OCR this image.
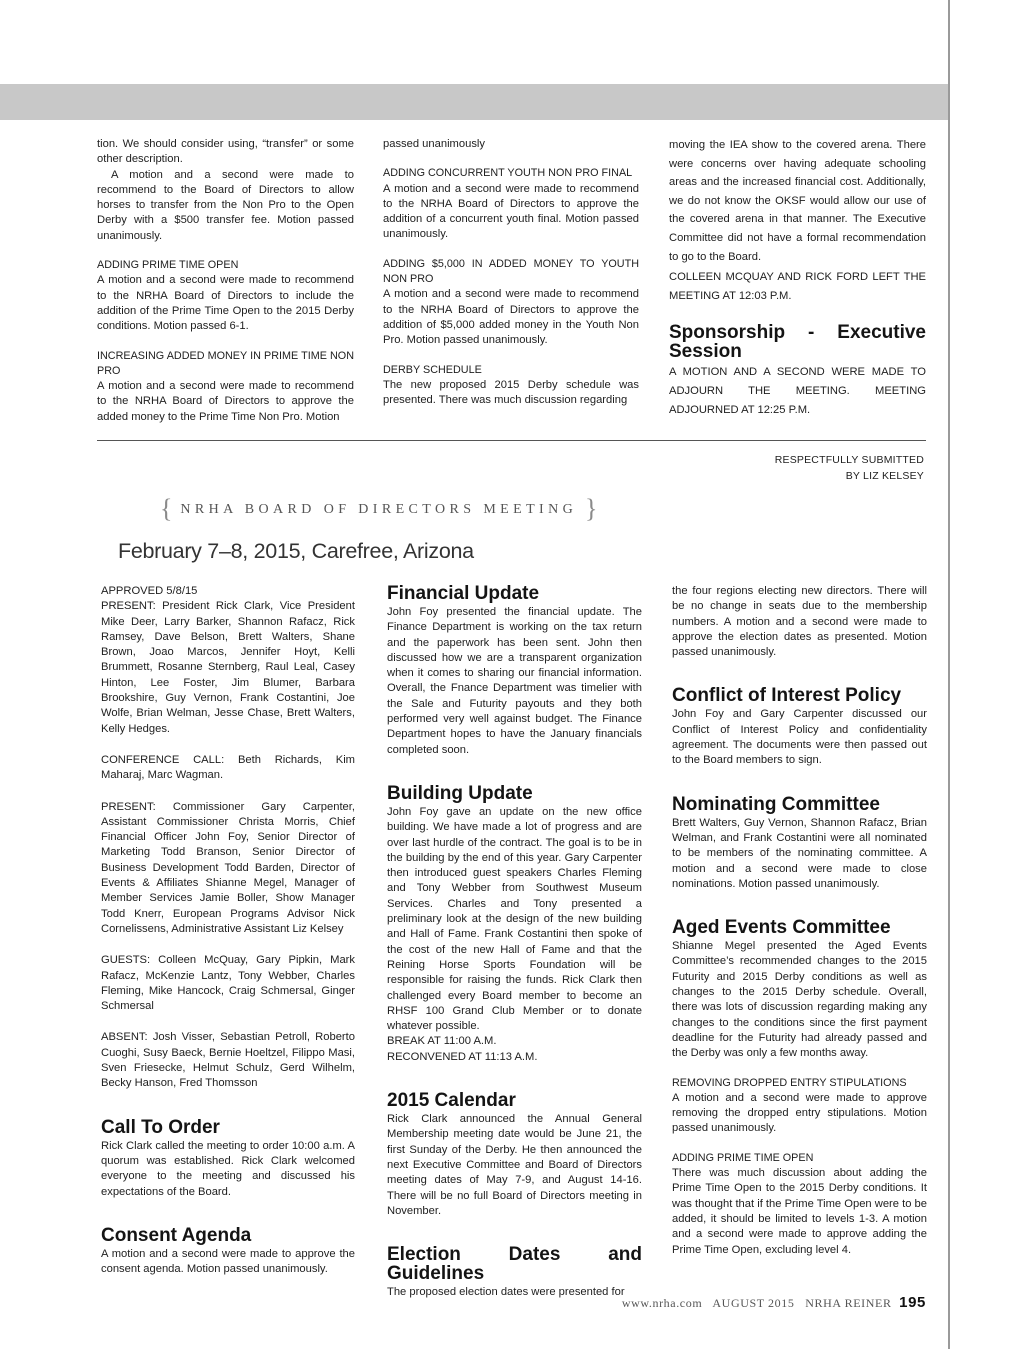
tion. We should consider using, “transfer” or some other description.

A motion and a second were made to recommend to the Board of Directors to allow horses to transfer from the Non Pro to the Open Derby with a $500 transfer fee. Motion passed unanimously.

ADDING PRIME TIME OPEN

A motion and a second were made to recommend to the NRHA Board of Directors to include the addition of the Prime Time Open to the 2015 Derby conditions. Motion passed 6-1.

INCREASING ADDED MONEY IN PRIME TIME NON PRO

A motion and a second were made to recommend to the NRHA Board of Directors to approve the added money to the Prime Time Non Pro. Motion

passed unanimously

ADDING CONCURRENT YOUTH NON PRO FINAL

A motion and a second were made to recommend to the NRHA Board of Directors to approve the addition of a concurrent youth final. Motion passed unanimously.

ADDING $5,000 IN ADDED MONEY TO YOUTH NON PRO

A motion and a second were made to recommend to the NRHA Board of Directors to approve the addition of $5,000 added money in the Youth Non Pro. Motion passed unanimously.

DERBY SCHEDULE

The new proposed 2015 Derby schedule was presented. There was much discussion regarding

moving the IEA show to the covered arena. There were concerns over having adequate schooling areas and the increased financial cost. Additionally, we do not know the OKSF would allow our use of the covered arena in that manner. The Executive Committee did not have a formal recommendation to go to the Board.

COLLEEN MCQUAY AND RICK FORD LEFT THE MEETING AT 12:03 P.M.

Sponsorship - Executive Session

A MOTION AND A SECOND WERE MADE TO ADJOURN THE MEETING. MEETING ADJOURNED AT 12:25 P.M.

RESPECTFULLY SUBMITTED
BY LIZ KELSEY
{ NRHA BOARD OF DIRECTORS MEETING }
February 7–8, 2015, Carefree, Arizona

APPROVED 5/8/15

PRESENT: President Rick Clark, Vice President Mike Deer, Larry Barker, Shannon Rafacz, Rick Ramsey, Dave Belson, Brett Walters, Shane Brown, Joao Marcos, Jennifer Hoyt, Kelli Brummett, Rosanne Sternberg, Raul Leal, Casey Hinton, Lee Foster, Jim Blumer, Barbara Brookshire, Guy Vernon, Frank Costantini, Joe Wolfe, Brian Welman, Jesse Chase, Brett Walters, Kelly Hedges.

CONFERENCE CALL: Beth Richards, Kim Maharaj, Marc Wagman.

PRESENT: Commissioner Gary Carpenter, Assistant Commissioner Christa Morris, Chief Financial Officer John Foy, Senior Director of Marketing Todd Branson, Senior Director of Business Development Todd Barden, Director of Events & Affiliates Shianne Megel, Manager of Member Services Jamie Boller, Show Manager Todd Knerr, European Programs Advisor Nick Cornelissens, Administrative Assistant Liz Kelsey

GUESTS: Colleen McQuay, Gary Pipkin, Mark Rafacz, McKenzie Lantz, Tony Webber, Charles Fleming, Mike Hancock, Craig Schmersal, Ginger Schmersal

ABSENT: Josh Visser, Sebastian Petroll, Roberto Cuoghi, Susy Baeck, Bernie Hoeltzel, Filippo Masi, Sven Friesecke, Helmut Schulz, Gerd Wilhelm, Becky Hanson, Fred Thomsson

Call To Order

Rick Clark called the meeting to order 10:00 a.m. A quorum was established. Rick Clark welcomed everyone to the meeting and discussed his expectations of the Board.

Consent Agenda

A motion and a second were made to approve the consent agenda. Motion passed unanimously.

Financial Update

John Foy presented the financial update. The Finance Department is working on the tax return and the paperwork has been sent. John then discussed how we are a transparent organization when it comes to sharing our financial information. Overall, the Fnance Department was timelier with the Sale and Futurity payouts and they both performed very well against budget. The Finance Department hopes to have the January financials completed soon.

Building Update

John Foy gave an update on the new office building. We have made a lot of progress and are over last hurdle of the contract. The goal is to be in the building by the end of this year. Gary Carpenter then introduced guest speakers Charles Fleming and Tony Webber from Southwest Museum Services. Charles and Tony presented a preliminary look at the design of the new building and Hall of Fame. Frank Costantini then spoke of the cost of the new Hall of Fame and that the Reining Horse Sports Foundation will be responsible for raising the funds. Rick Clark then challenged every Board member to become an RHSF 100 Grand Club Member or to donate whatever possible.

BREAK AT 11:00 A.M.

RECONVENED AT 11:13 A.M.

2015 Calendar

Rick Clark announced the Annual General Membership meeting date would be June 21, the first Sunday of the Derby. He then announced the next Executive Committee and Board of Directors meeting dates of May 7-9, and August 14-16. There will be no full Board of Directors meeting in November.

Election Dates and Guidelines

The proposed election dates were presented for

the four regions electing new directors. There will be no change in seats due to the membership numbers. A motion and a second were made to approve the election dates as presented. Motion passed unanimously.

Conflict of Interest Policy

John Foy and Gary Carpenter discussed our Conflict of Interest Policy and confidentiality agreement. The documents were then passed out to the Board members to sign.

Nominating Committee

Brett Walters, Guy Vernon, Shannon Rafacz, Brian Welman, and Frank Costantini were all nominated to be members of the nominating committee. A motion and a second were made to close nominations. Motion passed unanimously.

Aged Events Committee

Shianne Megel presented the Aged Events Committee’s recommended changes to the 2015 Futurity and 2015 Derby conditions as well as changes to the 2015 Derby schedule. Overall, there was lots of discussion regarding making any changes to the conditions since the first payment deadline for the Futurity had already passed and the Derby was only a few months away.

REMOVING DROPPED ENTRY STIPULATIONS

A motion and a second were made to approve removing the dropped entry stipulations. Motion passed unanimously.

ADDING PRIME TIME OPEN

There was much discussion about adding the Prime Time Open to the 2015 Derby conditions. It was thought that if the Prime Time Open were to be added, it should be limited to levels 1-3. A motion and a second were made to approve adding the Prime Time Open, excluding level 4.

www.nrha.com AUGUST 2015 NRHA REINER 195
